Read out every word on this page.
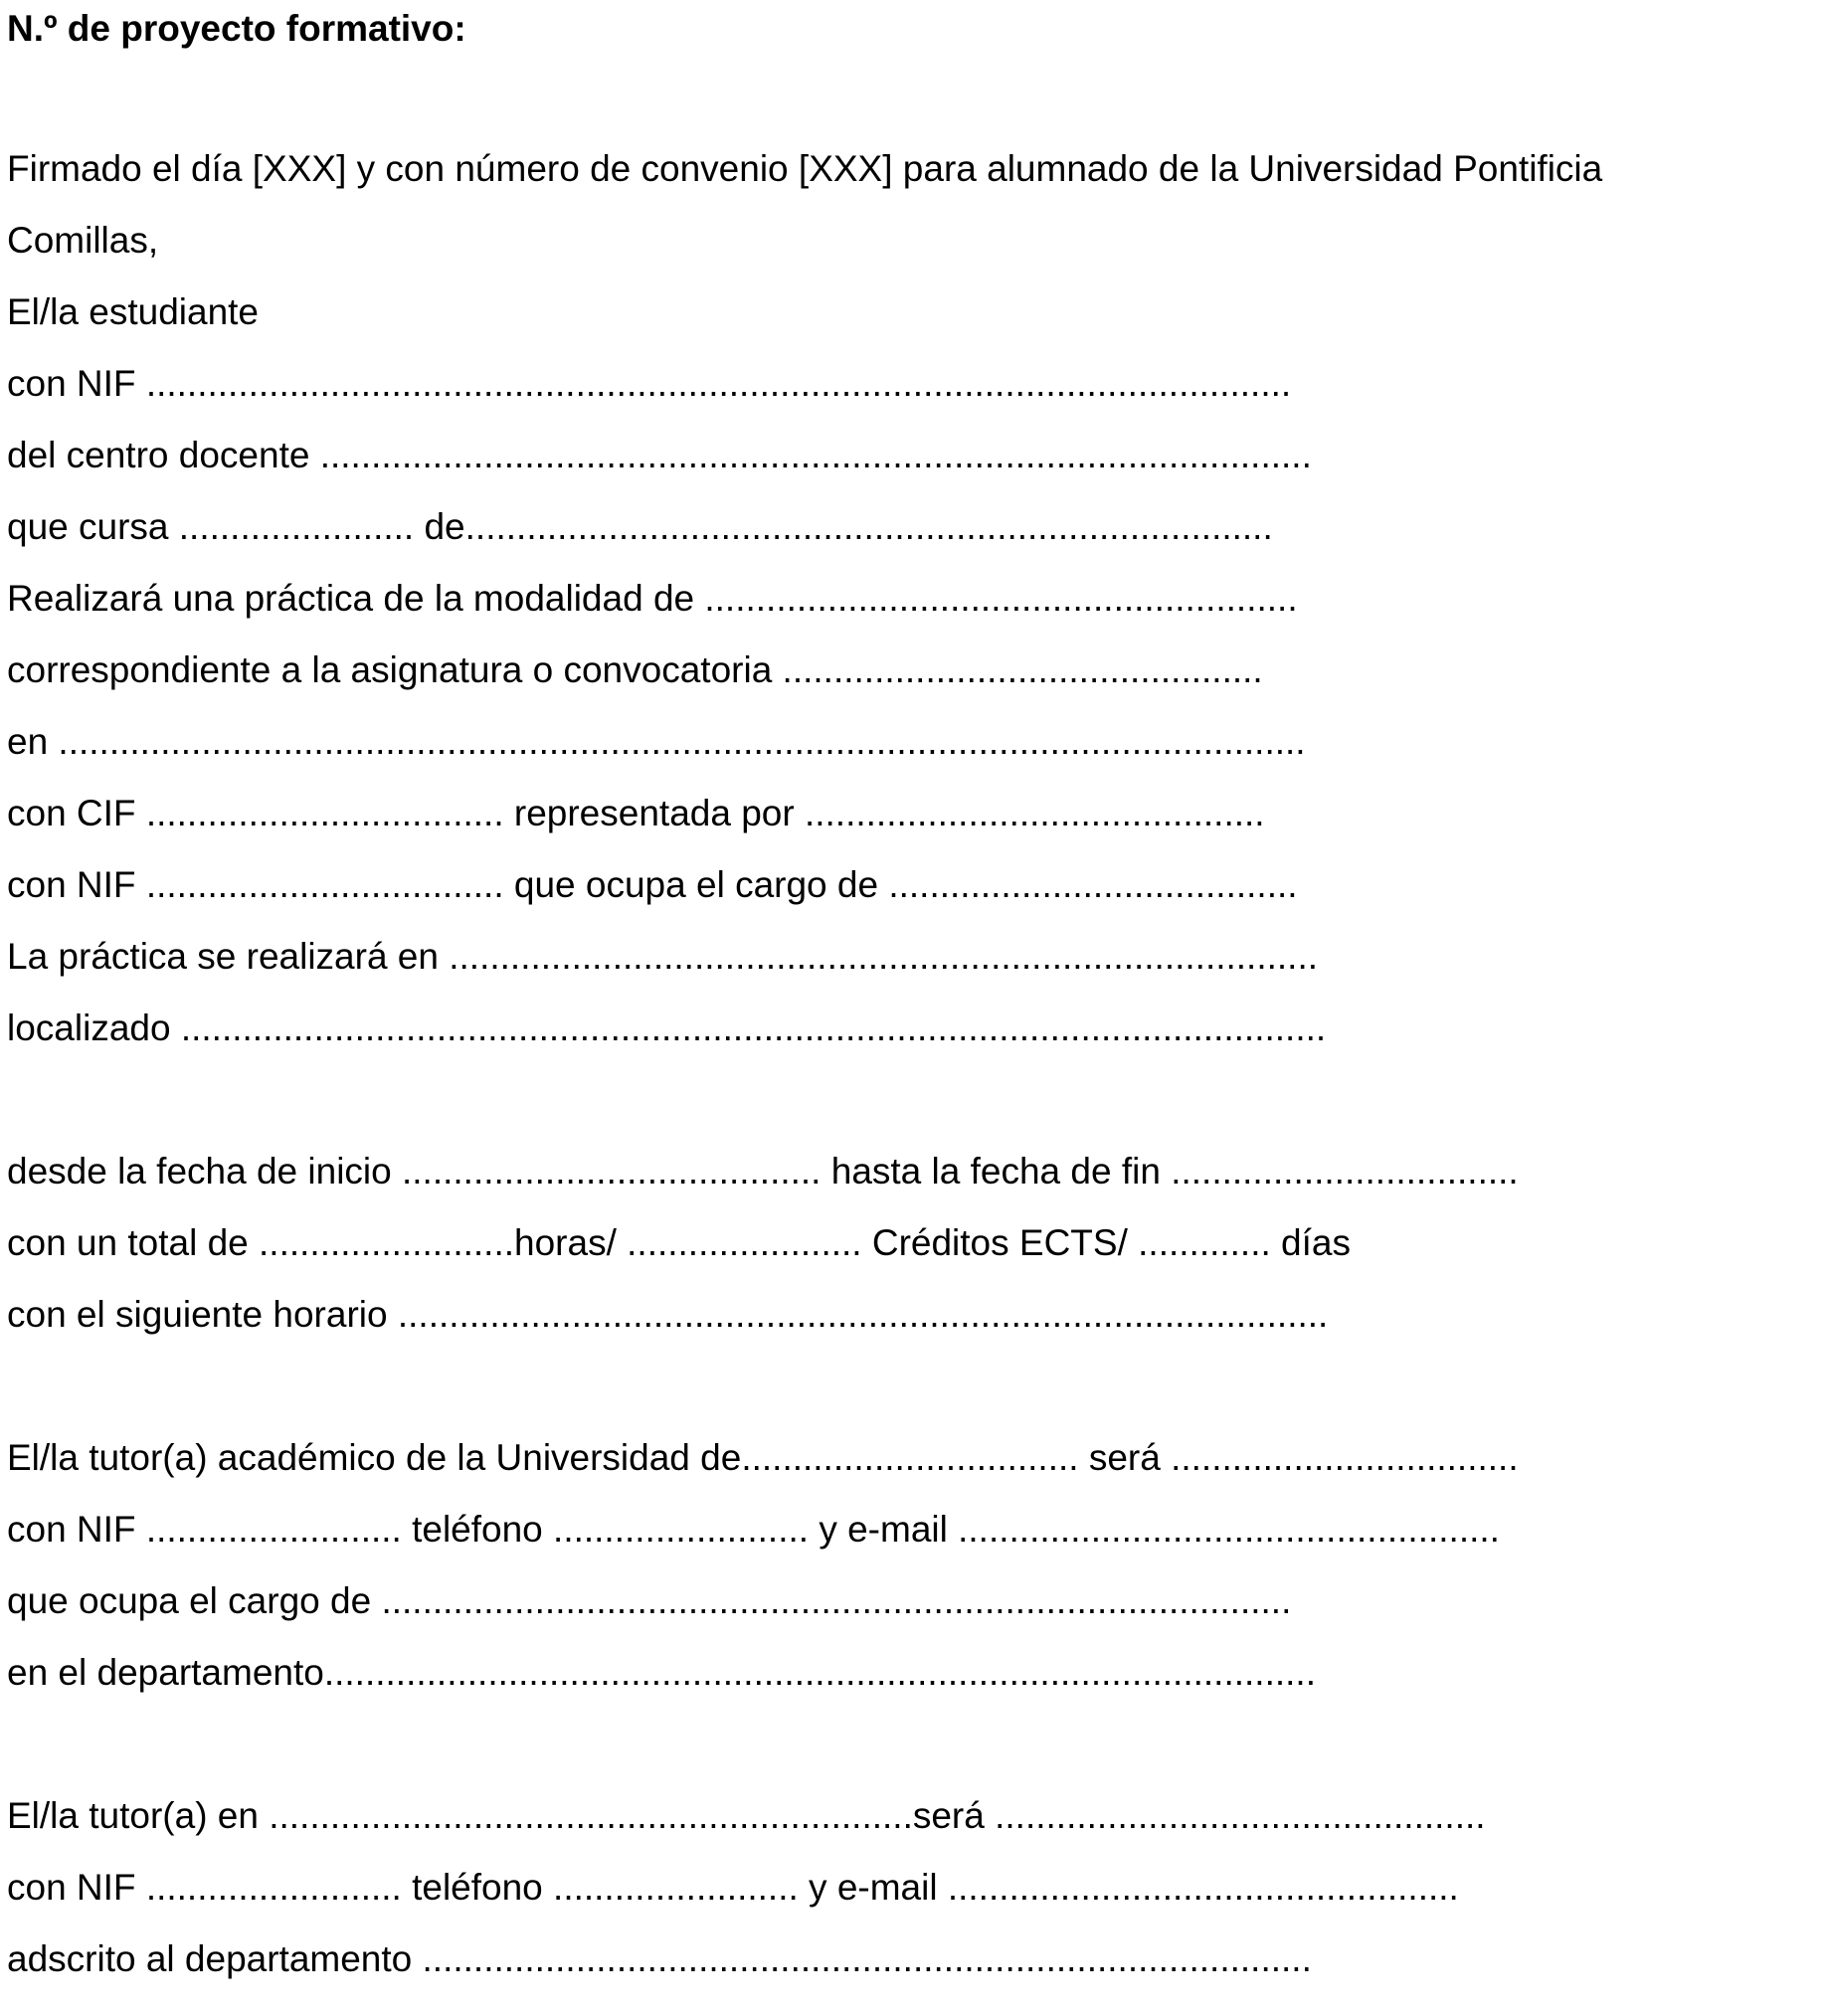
N.º de proyecto formativo:
Firmado el día [XXX] y con número de convenio [XXX] para alumnado de la Universidad Pontificia
Comillas,
El/la estudiante
con NIF ................................................................................................................
del centro docente .................................................................................................
que cursa ....................... de...............................................................................
Realizará una práctica de la modalidad de ..........................................................
correspondiente a la asignatura o convocatoria ...............................................
en ..........................................................................................................................
con CIF ................................... representada por .............................................
con NIF ................................... que ocupa el cargo de ........................................
La práctica se realizará en .....................................................................................
localizado ................................................................................................................
desde la fecha de inicio ......................................... hasta la fecha de fin ..................................
con un total de .........................horas/ ....................... Créditos ECTS/ ............. días
con el siguiente horario ...........................................................................................
El/la tutor(a) académico de la Universidad de................................. será ..................................
con NIF ......................... teléfono ......................... y e-mail .....................................................
que ocupa el cargo de .........................................................................................
en el departamento.................................................................................................
El/la tutor(a) en ...............................................................será ................................................
con NIF ......................... teléfono ........................ y e-mail ..................................................
adscrito al departamento .......................................................................................
